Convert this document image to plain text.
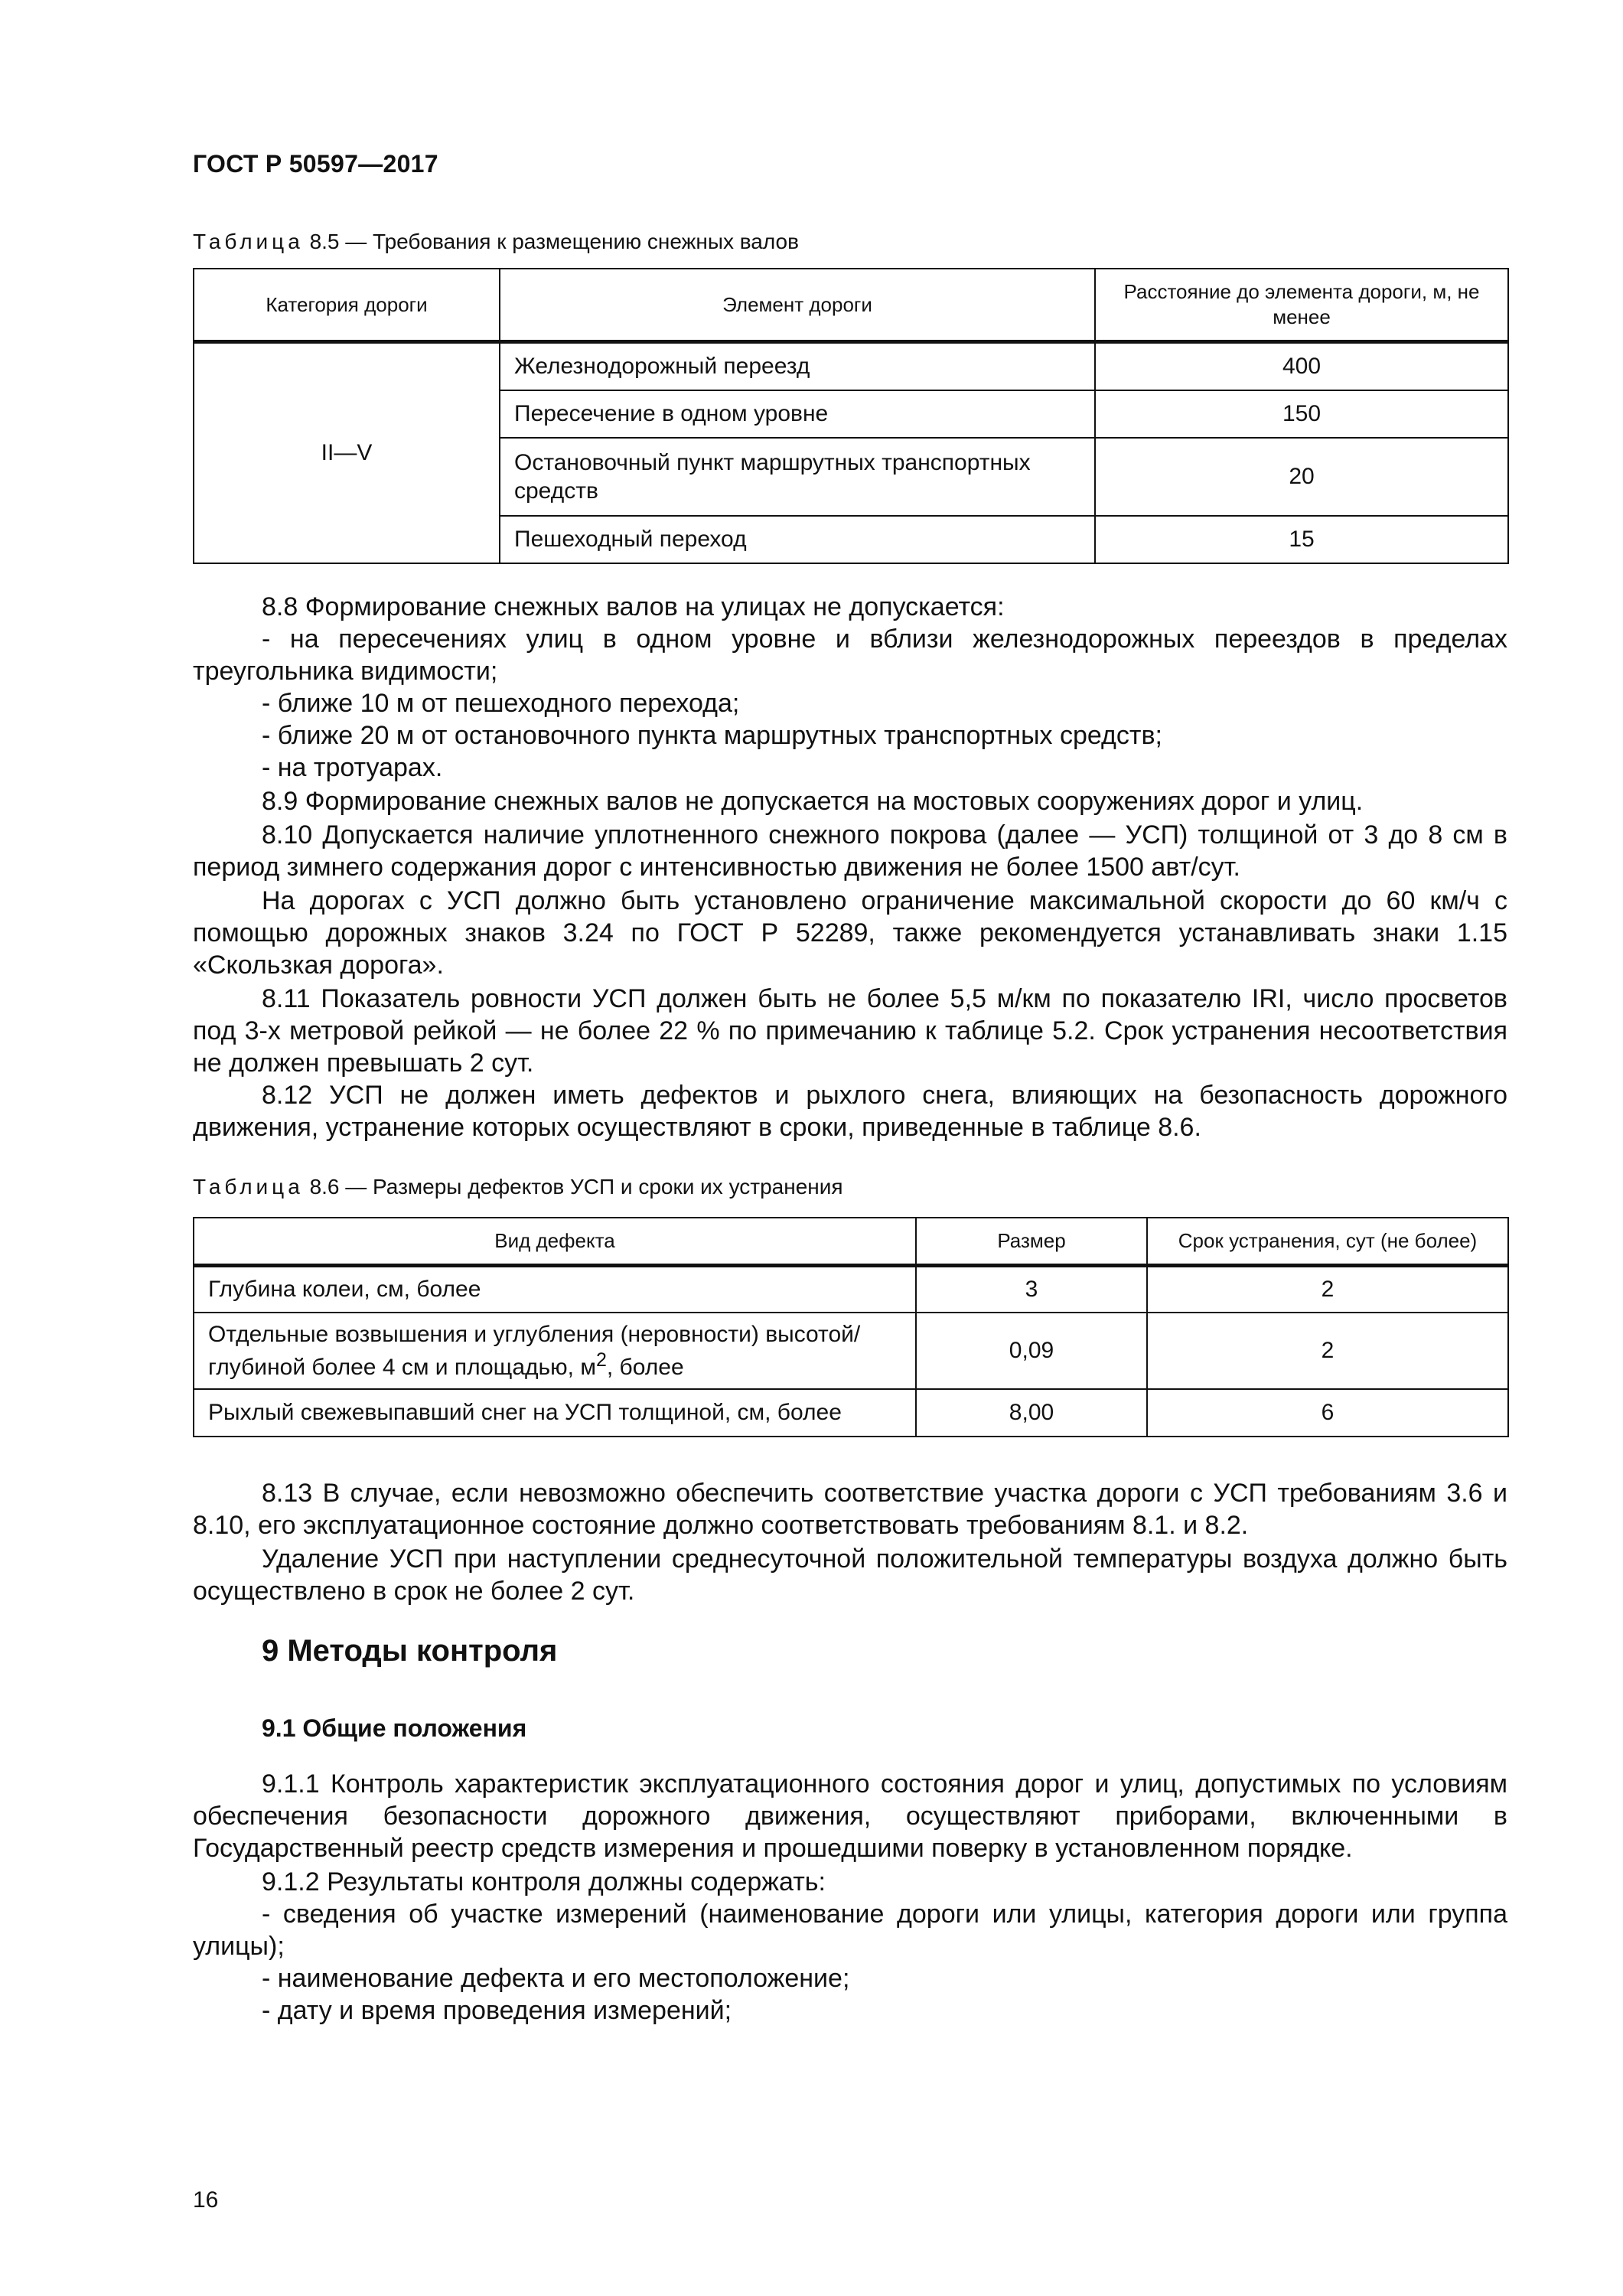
ГОСТ Р 50597—2017
Таблица 8.5 — Требования к размещению снежных валов
Категория дороги	Элемент дороги	Расстояние до элемента дороги, м, не менее
II—V	Железнодорожный переезд	400
	Пересечение в одном уровне	150
	Остановочный пункт маршрутных транспортных средств	20
	Пешеходный переход	15

8.8 Формирование снежных валов на улицах не допускается:

- на пересечениях улиц в одном уровне и вблизи железнодорожных переездов в пределах треугольника видимости;

- ближе 10 м от пешеходного перехода;

- ближе 20 м от остановочного пункта маршрутных транспортных средств;

- на тротуарах.

8.9 Формирование снежных валов не допускается на мостовых сооружениях дорог и улиц.

8.10 Допускается наличие уплотненного снежного покрова (далее — УСП) толщиной от 3 до 8 см в период зимнего содержания дорог с интенсивностью движения не более 1500 авт/сут.

На дорогах с УСП должно быть установлено ограничение максимальной скорости до 60 км/ч с помощью дорожных знаков 3.24 по ГОСТ Р 52289, также рекомендуется устанавливать знаки 1.15 «Скользкая дорога».

8.11 Показатель ровности УСП должен быть не более 5,5 м/км по показателю IRI, число просветов под 3-х метровой рейкой — не более 22 % по примечанию к таблице 5.2. Срок устранения несоответствия не должен превышать 2 сут.

8.12 УСП не должен иметь дефектов и рыхлого снега, влияющих на безопасность дорожного движения, устранение которых осуществляют в сроки, приведенные в таблице 8.6.

Таблица 8.6 — Размеры дефектов УСП и сроки их устранения
Вид дефекта	Размер	Срок устранения, сут (не более)
Глубина колеи, см, более	3	2
Отдельные возвышения и углубления (неровности) высотой/ глубиной более 4 см и площадью, $м^2$, более	0,09	2
Рыхлый свежевыпавший снег на УСП толщиной, см, более	8,00	6

8.13 В случае, если невозможно обеспечить соответствие участка дороги с УСП требованиям 3.6 и 8.10, его эксплуатационное состояние должно соответствовать требованиям 8.1. и 8.2.

Удаление УСП при наступлении среднесуточной положительной температуры воздуха должно быть осуществлено в срок не более 2 сут.

9 Методы контроля
9.1 Общие положения

9.1.1 Контроль характеристик эксплуатационного состояния дорог и улиц, допустимых по условиям обеспечения безопасности дорожного движения, осуществляют приборами, включенными в Государственный реестр средств измерения и прошедшими поверку в установленном порядке.

9.1.2 Результаты контроля должны содержать:

- сведения об участке измерений (наименование дороги или улицы, категория дороги или группа улицы);

- наименование дефекта и его местоположение;

- дату и время проведения измерений;

16
